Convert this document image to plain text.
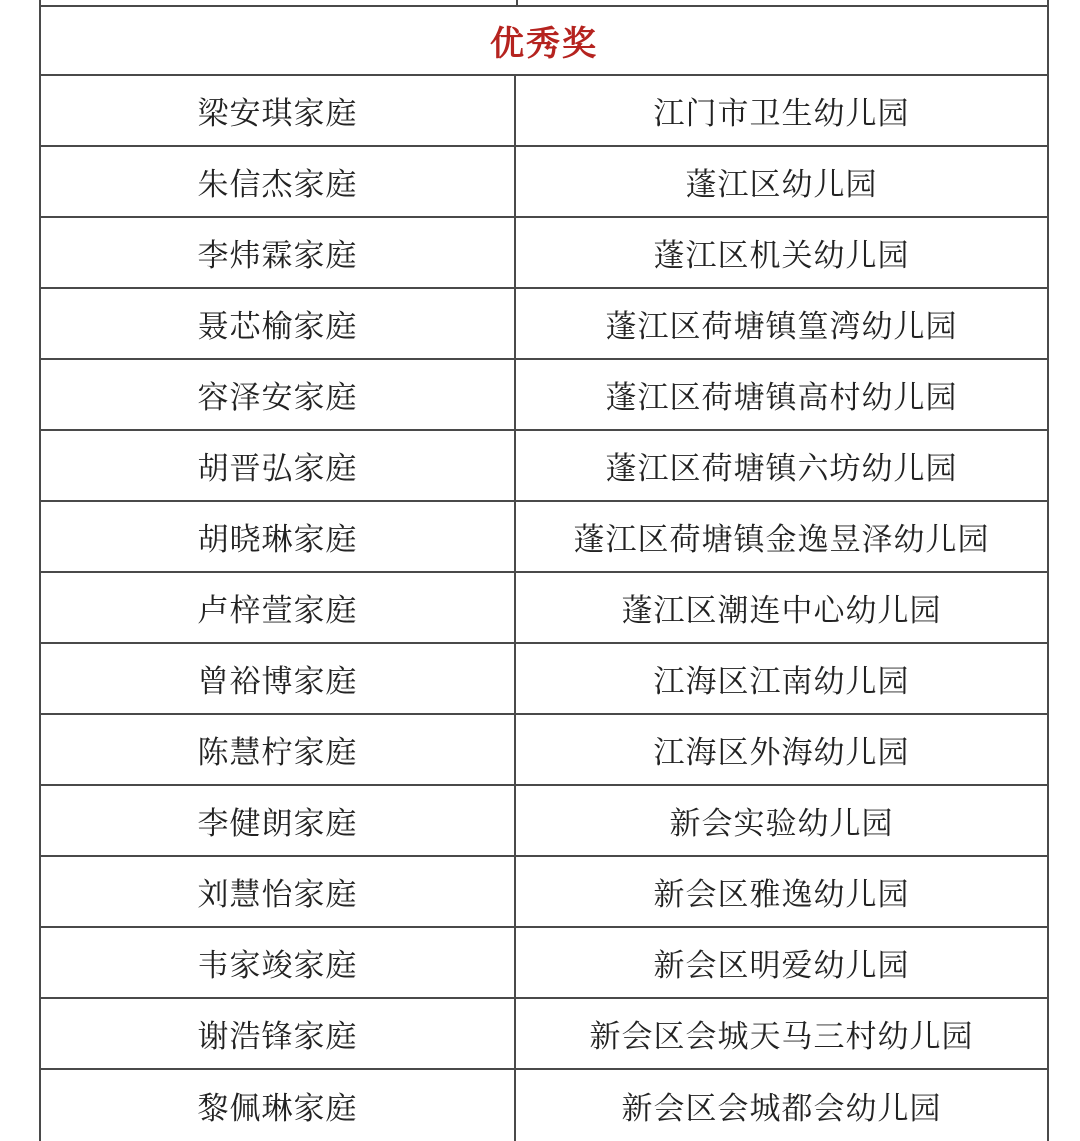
优秀奖
梁安琪家庭	江门市卫生幼儿园
朱信杰家庭	蓬江区幼儿园
李炜霖家庭	蓬江区机关幼儿园
聂芯榆家庭	蓬江区荷塘镇篁湾幼儿园
容泽安家庭	蓬江区荷塘镇高村幼儿园
胡晋弘家庭	蓬江区荷塘镇六坊幼儿园
胡晓琳家庭	蓬江区荷塘镇金逸昱泽幼儿园
卢梓萱家庭	蓬江区潮连中心幼儿园
曾裕博家庭	江海区江南幼儿园
陈慧柠家庭	江海区外海幼儿园
李健朗家庭	新会实验幼儿园
刘慧怡家庭	新会区雅逸幼儿园
韦家竣家庭	新会区明爱幼儿园
谢浩锋家庭	新会区会城天马三村幼儿园
黎佩琳家庭	新会区会城都会幼儿园
